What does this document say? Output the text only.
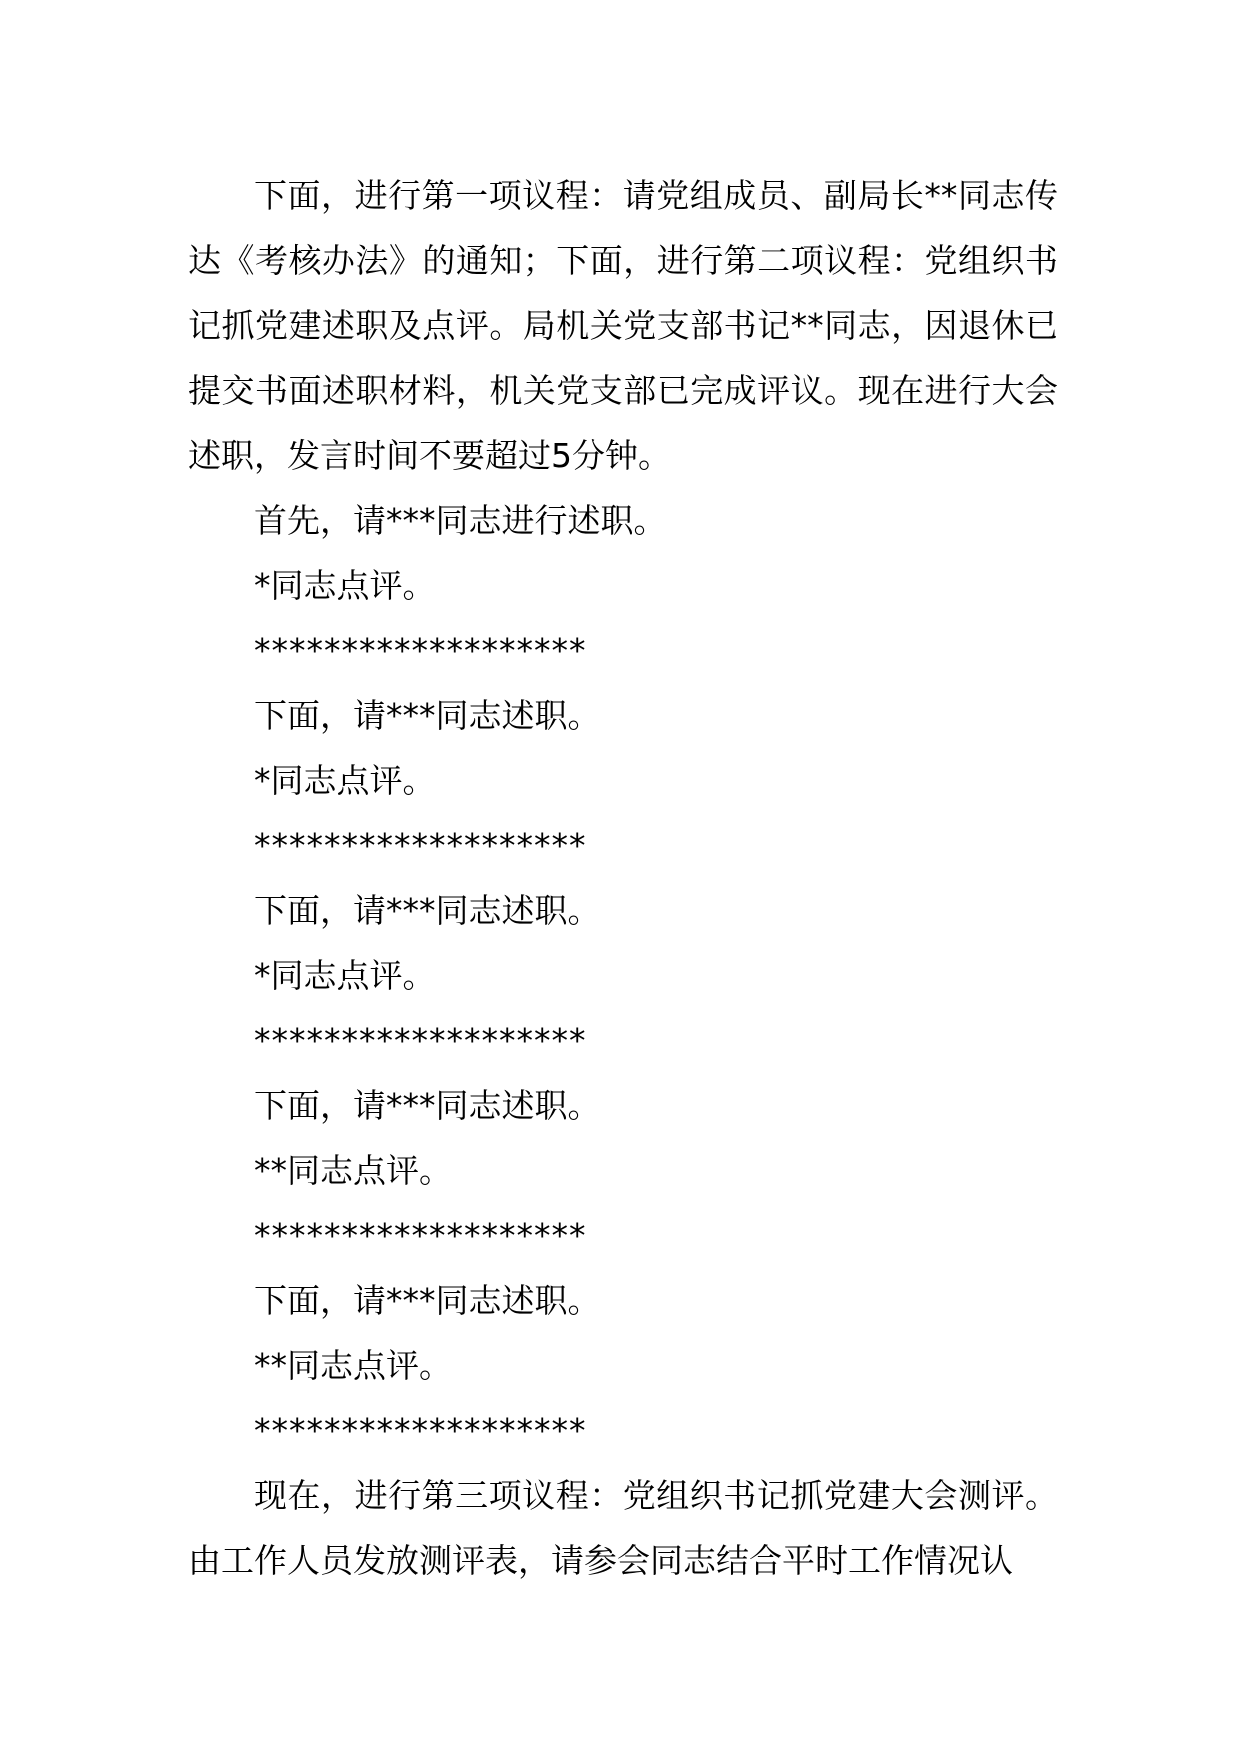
下面，进行第一项议程：请党组成员、副局长**同志传达《考核办法》的通知；下面，进行第二项议程：党组织书记抓党建述职及点评。局机关党支部书记**同志，因退休已提交书面述职材料，机关党支部已完成评议。现在进行大会述职，发言时间不要超过5分钟。

首先，请***同志进行述职。

*同志点评。

*******************

下面，请***同志述职。

*同志点评。

*******************

下面，请***同志述职。

*同志点评。

*******************

下面，请***同志述职。

**同志点评。

*******************

下面，请***同志述职。

**同志点评。

*******************

现在，进行第三项议程：党组织书记抓党建大会测评。由工作人员发放测评表，请参会同志结合平时工作情况认
